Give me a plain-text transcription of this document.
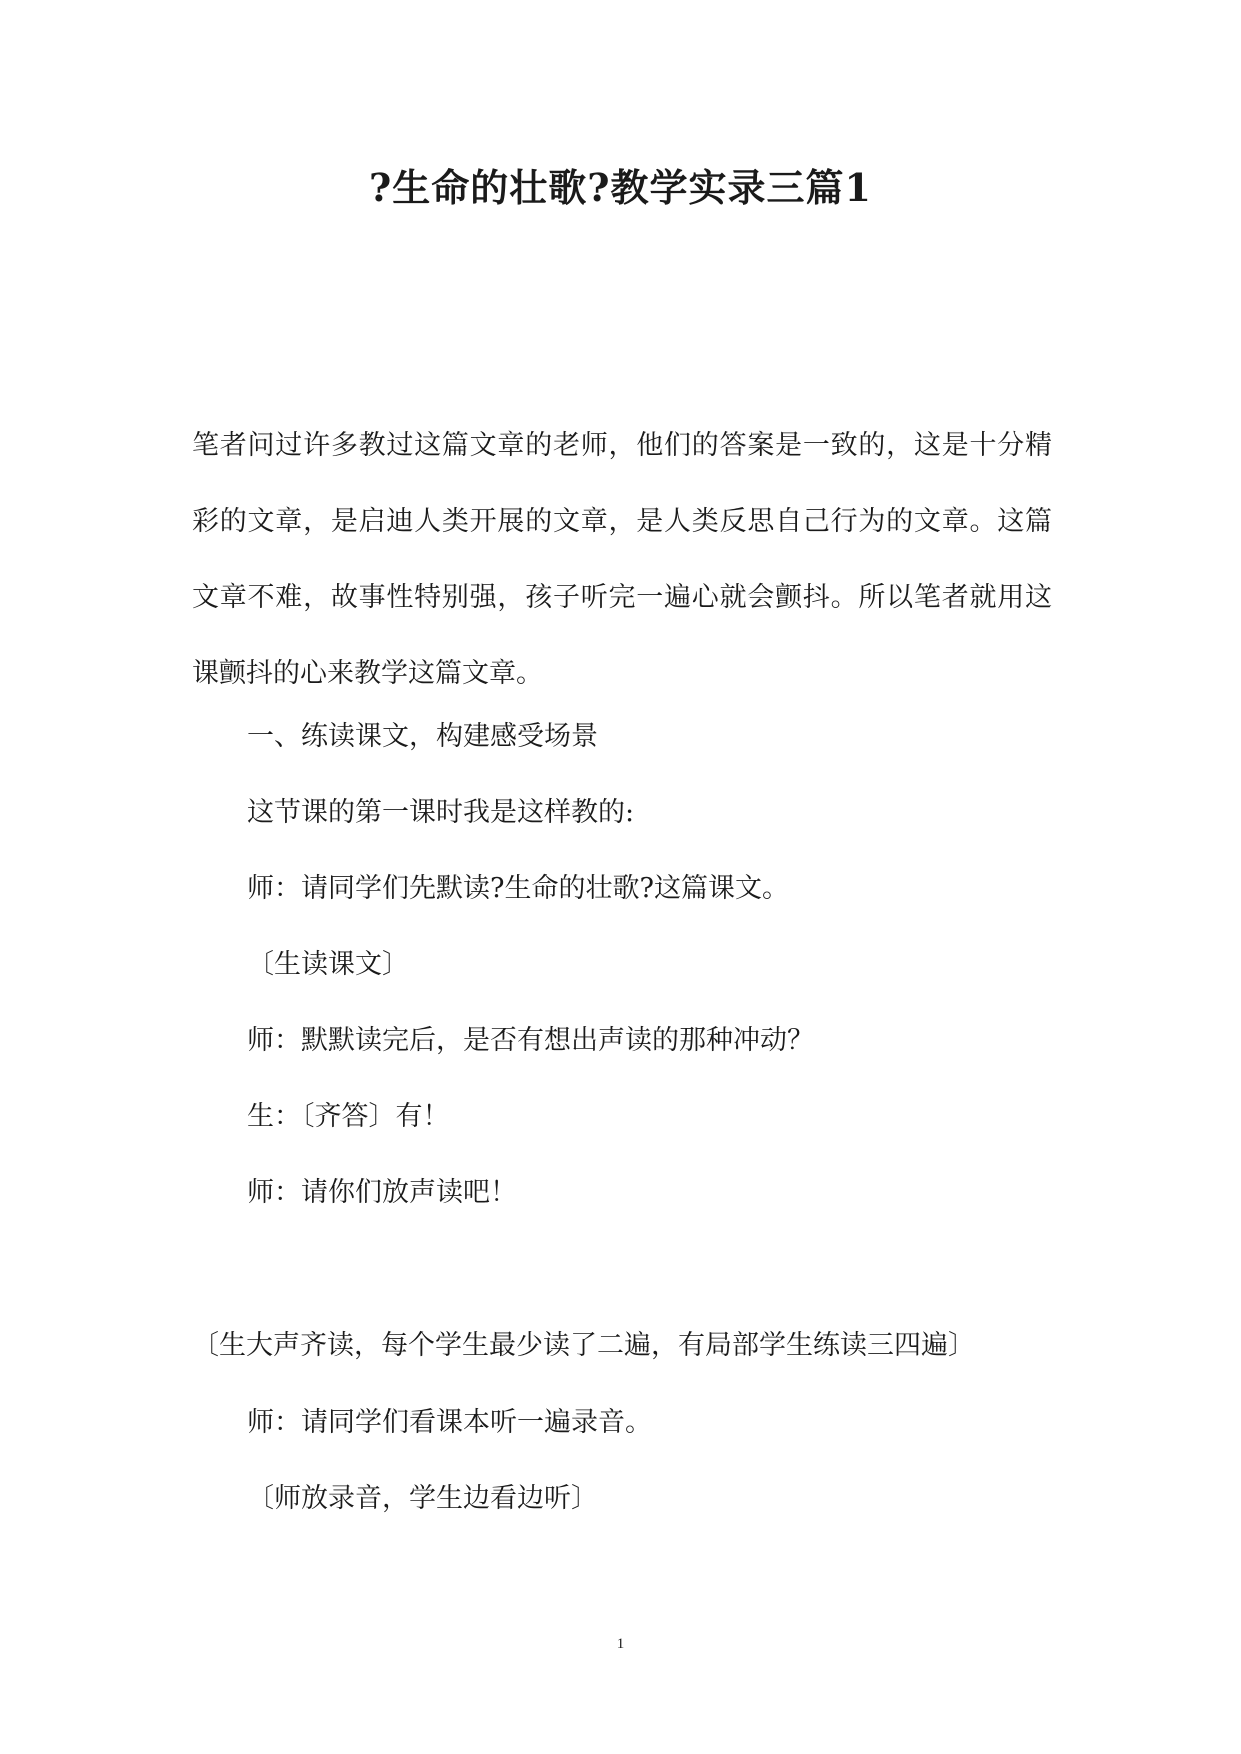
?生命的壮歌?教学实录三篇1

笔者问过许多教过这篇文章的老师，他们的答案是一致的，这是十分精彩的文章，是启迪人类开展的文章，是人类反思自己行为的文章。这篇文章不难，故事性特别强，孩子听完一遍心就会颤抖。所以笔者就用这课颤抖的心来教学这篇文章。

一、练读课文，构建感受场景
这节课的第一课时我是这样教的:
师：请同学们先默读?生命的壮歌?这篇课文。
〔生读课文〕
师：默默读完后，是否有想出声读的那种冲动？
生：〔齐答〕有！
师：请你们放声读吧！
〔生大声齐读，每个学生最少读了二遍，有局部学生练读三四遍〕
师：请同学们看课本听一遍录音。
〔师放录音，学生边看边听〕
1
